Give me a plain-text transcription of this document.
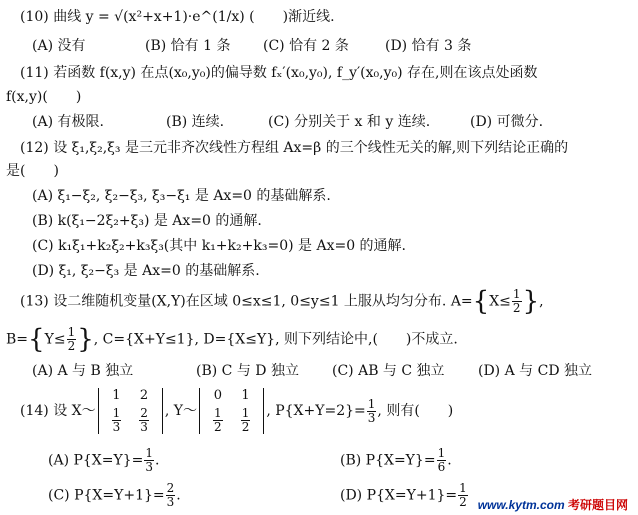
(10) 曲线 y = √(x²+x+1)·e^(1/x) (　　)渐近线.
(A) 没有	(B) 恰有 1 条 (C) 恰有 2 条	(D) 恰有 3 条
(11) 若函数 f(x,y) 在点(x₀,y₀)的偏导数 fₓ′(x₀,y₀), f_y′(x₀,y₀) 存在,则在该点处函数
f(x,y)(　　)
(A) 有极限.	(B) 连续.	(C) 分别关于 x 和 y 连续.	(D) 可微分.
(12) 设 ξ₁,ξ₂,ξ₃ 是三元非齐次线性方程组 Ax=β 的三个线性无关的解,则下列结论正确的
是(　　)
(A) ξ₁−ξ₂, ξ₂−ξ₃, ξ₃−ξ₁ 是 Ax=0 的基础解系.
(B) k(ξ₁−2ξ₂+ξ₃) 是 Ax=0 的通解.
(C) k₁ξ₁+k₂ξ₂+k₃ξ₃(其中 k₁+k₂+k₃=0) 是 Ax=0 的通解.
(D) ξ₁, ξ₂−ξ₃ 是 Ax=0 的基础解系.
(13) 设二维随机变量(X,Y)在区域 0≤x≤1, 0≤y≤1 上服从均匀分布. $A=\{X\le \frac{1}{2}$ },
$B=\{Y\le \frac{1}{2}$ }, C={X+Y≤1}, D={X≤Y}, 则下列结论中,(　　)不成立.
(A) A 与 B 独立	(B) C 与 D 独立 (C) AB 与 C 独立 (D) A 与 CD 独立
(14) 设 X～
1	2

$\frac{1}{3}$	$\frac{2}{3}$ , Y～
0	1

$\frac{1}{2}$	$\frac{1}{2}$ , $P\{X+Y=2\}= \frac{1}{3}$ , 则有(　　)
(A) $P\{X=Y\}= \frac{1}{3}$ .	(B) $P\{X=Y\}= \frac{1}{6}$ .
(C) $P\{X=Y+1\}= \frac{2}{3}$ .	(D) $P\{X=Y+1\}= \frac{1}{2}$ www.kytm.com 考研题目网
